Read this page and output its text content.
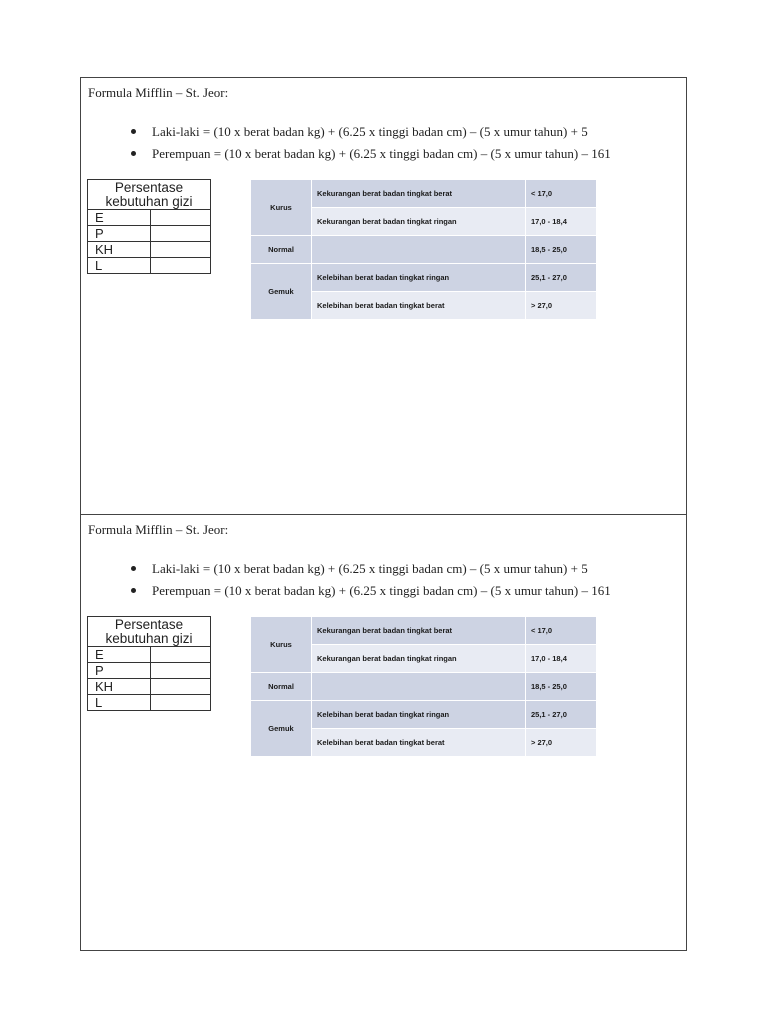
Formula Mifflin – St. Jeor:
Laki-laki = (10 x berat badan kg) + (6.25 x tinggi badan cm) – (5 x umur tahun) + 5
Perempuan = (10 x berat badan kg) + (6.25 x tinggi badan cm) – (5 x umur tahun) – 161
Persentase kebutuhan gizi	
E	
P	
KH	
L	
Kurus	Kekurangan berat badan tingkat berat	< 17,0
	Kekurangan berat badan tingkat ringan	17,0 - 18,4
Normal		18,5 - 25,0
Gemuk	Kelebihan berat badan tingkat ringan	25,1 - 27,0
	Kelebihan berat badan tingkat berat	> 27,0
Formula Mifflin – St. Jeor:
Laki-laki = (10 x berat badan kg) + (6.25 x tinggi badan cm) – (5 x umur tahun) + 5
Perempuan = (10 x berat badan kg) + (6.25 x tinggi badan cm) – (5 x umur tahun) – 161
Persentase kebutuhan gizi	
E	
P	
KH	
L	
Kurus	Kekurangan berat badan tingkat berat	< 17,0
	Kekurangan berat badan tingkat ringan	17,0 - 18,4
Normal		18,5 - 25,0
Gemuk	Kelebihan berat badan tingkat ringan	25,1 - 27,0
	Kelebihan berat badan tingkat berat	> 27,0
